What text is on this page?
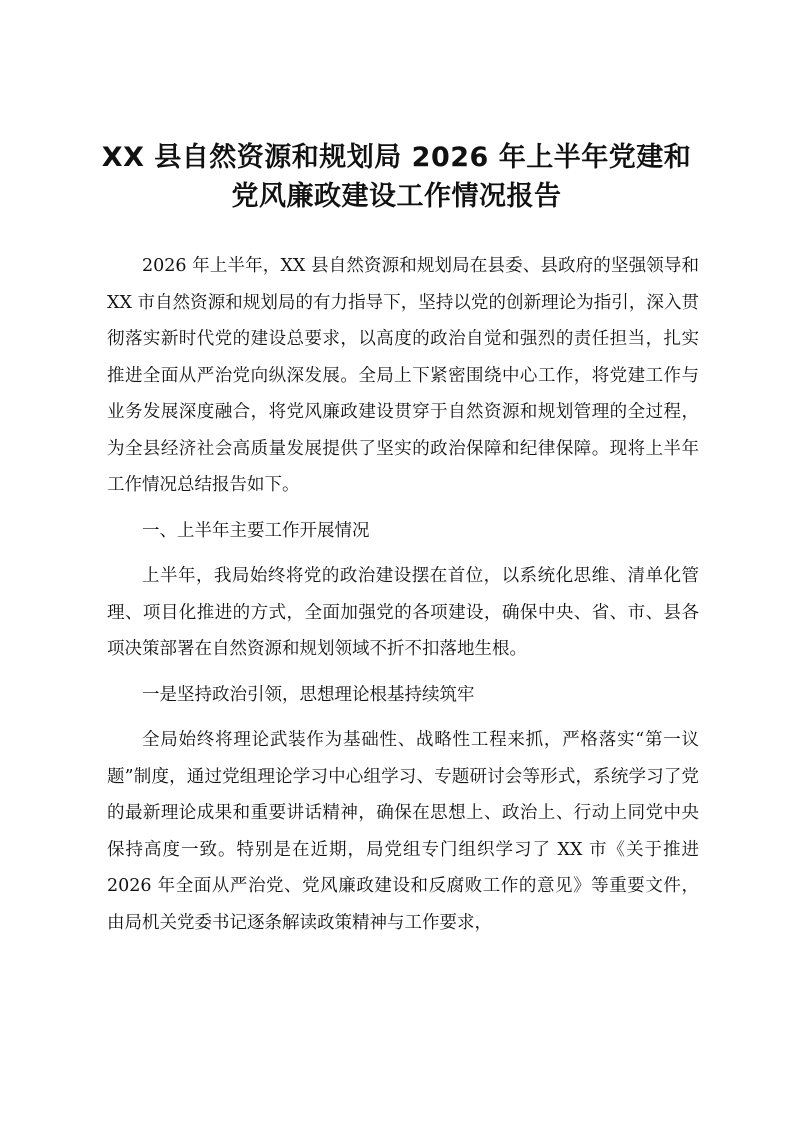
XX 县自然资源和规划局 2026 年上半年党建和
党风廉政建设工作情况报告

2026 年上半年，XX 县自然资源和规划局在县委、县政府的坚强领导和 XX 市自然资源和规划局的有力指导下，坚持以党的创新理论为指引，深入贯彻落实新时代党的建设总要求，以高度的政治自觉和强烈的责任担当，扎实推进全面从严治党向纵深发展。全局上下紧密围绕中心工作，将党建工作与业务发展深度融合，将党风廉政建设贯穿于自然资源和规划管理的全过程，为全县经济社会高质量发展提供了坚实的政治保障和纪律保障。现将上半年工作情况总结报告如下。

一、上半年主要工作开展情况

上半年，我局始终将党的政治建设摆在首位，以系统化思维、清单化管理、项目化推进的方式，全面加强党的各项建设，确保中央、省、市、县各项决策部署在自然资源和规划领域不折不扣落地生根。

一是坚持政治引领，思想理论根基持续筑牢

全局始终将理论武装作为基础性、战略性工程来抓，严格落实“第一议题”制度，通过党组理论学习中心组学习、专题研讨会等形式，系统学习了党的最新理论成果和重要讲话精神，确保在思想上、政治上、行动上同党中央保持高度一致。特别是在近期，局党组专门组织学习了 XX 市《关于推进 2026 年全面从严治党、党风廉政建设和反腐败工作的意见》等重要文件，由局机关党委书记逐条解读政策精神与工作要求，
